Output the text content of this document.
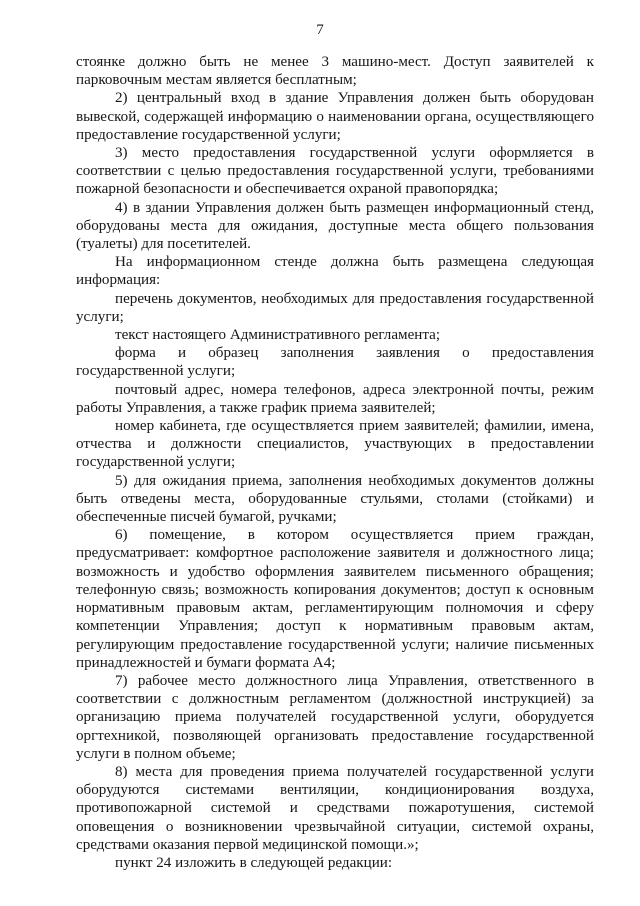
7

стоянке должно быть не менее 3 машино-мест. Доступ заявителей к парковочным местам является бесплатным;

2) центральный вход в здание Управления должен быть оборудован вывеской, содержащей информацию о наименовании органа, осуществляющего предоставление государственной услуги;

3) место предоставления государственной услуги оформляется в соответствии с целью предоставления государственной услуги, требованиями пожарной безопасности и обеспечивается охраной правопорядка;

4) в здании Управления должен быть размещен информационный стенд, оборудованы места для ожидания, доступные места общего пользования (туалеты) для посетителей.

На информационном стенде должна быть размещена следующая информация:

перечень документов, необходимых для предоставления государственной услуги;

текст настоящего Административного регламента;

форма и образец заполнения заявления о предоставления государственной услуги;

почтовый адрес, номера телефонов, адреса электронной почты, режим работы Управления, а также график приема заявителей;

номер кабинета, где осуществляется прием заявителей; фамилии, имена, отчества и должности специалистов, участвующих в предоставлении государственной услуги;

5) для ожидания приема, заполнения необходимых документов должны быть отведены места, оборудованные стульями, столами (стойками) и обеспеченные писчей бумагой, ручками;

6) помещение, в котором осуществляется прием граждан, предусматривает: комфортное расположение заявителя и должностного лица; возможность и удобство оформления заявителем письменного обращения; телефонную связь; возможность копирования документов; доступ к основным нормативным правовым актам, регламентирующим полномочия и сферу компетенции Управления; доступ к нормативным правовым актам, регулирующим предоставление государственной услуги; наличие письменных принадлежностей и бумаги формата А4;

7) рабочее место должностного лица Управления, ответственного в соответствии с должностным регламентом (должностной инструкцией) за организацию приема получателей государственной услуги, оборудуется оргтехникой, позволяющей организовать предоставление государственной услуги в полном объеме;

8) места для проведения приема получателей государственной услуги оборудуются системами вентиляции, кондиционирования воздуха, противопожарной системой и средствами пожаротушения, системой оповещения о возникновении чрезвычайной ситуации, системой охраны, средствами оказания первой медицинской помощи.»;

пункт 24 изложить в следующей редакции:
